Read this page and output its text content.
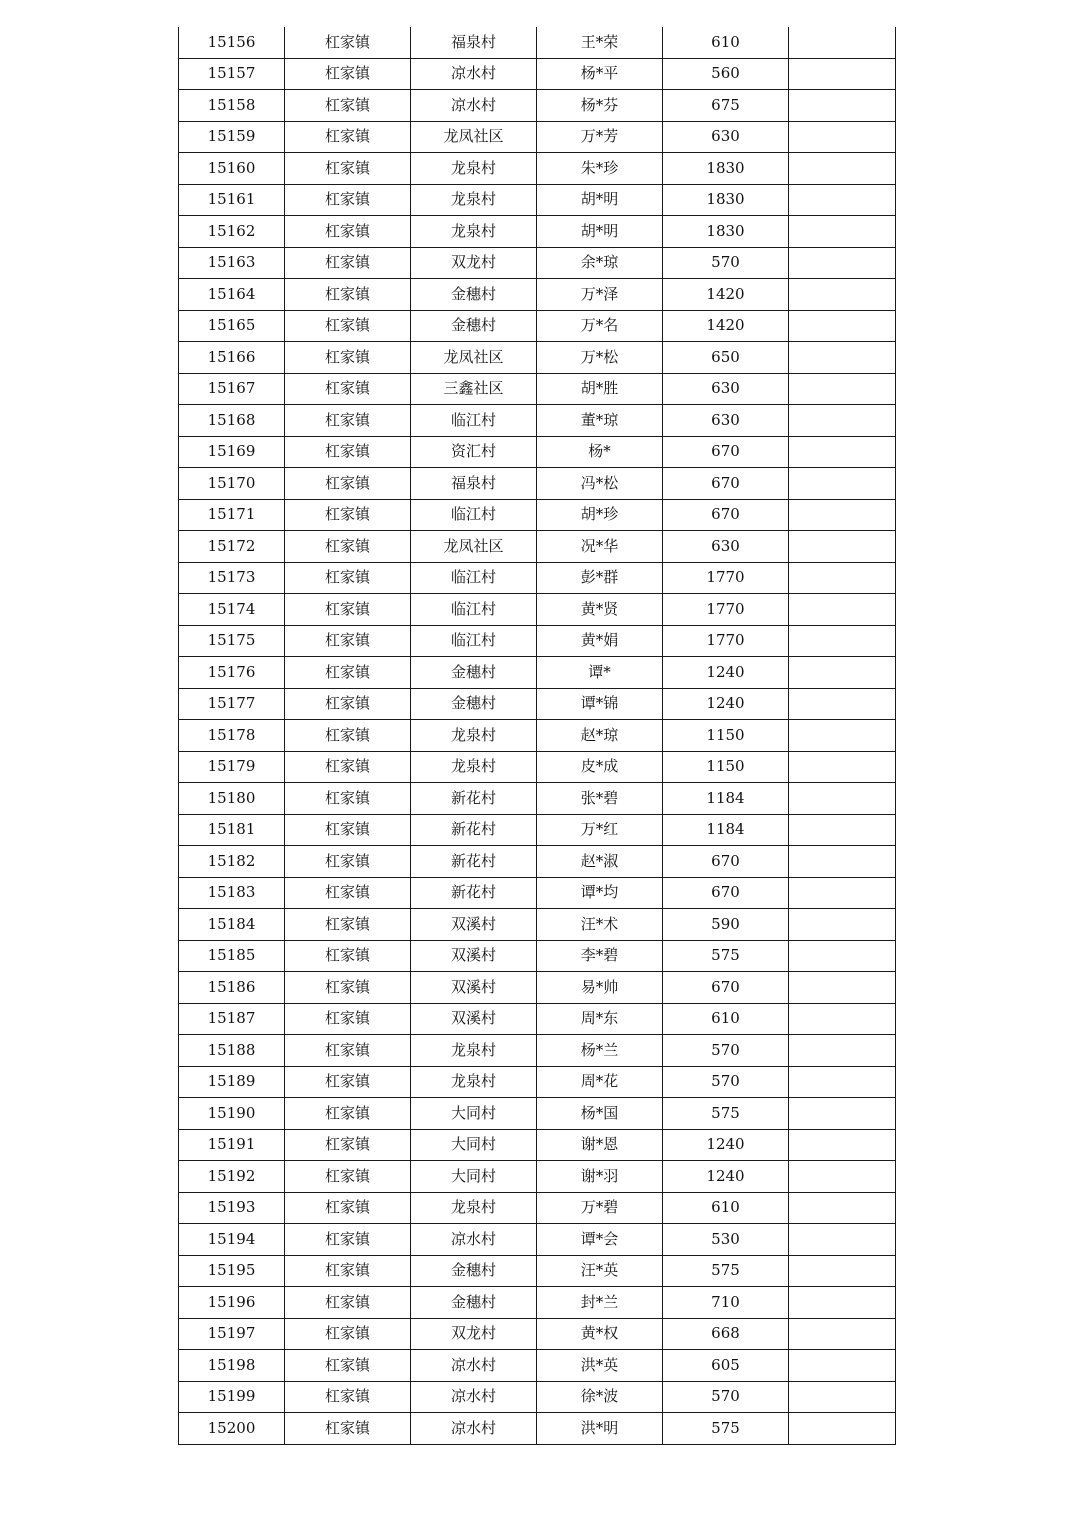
15156	杠家镇	福泉村	王*荣	610	
15157	杠家镇	凉水村	杨*平	560	
15158	杠家镇	凉水村	杨*芬	675	
15159	杠家镇	龙凤社区	万*芳	630	
15160	杠家镇	龙泉村	朱*珍	1830	
15161	杠家镇	龙泉村	胡*明	1830	
15162	杠家镇	龙泉村	胡*明	1830	
15163	杠家镇	双龙村	余*琼	570	
15164	杠家镇	金穗村	万*泽	1420	
15165	杠家镇	金穗村	万*名	1420	
15166	杠家镇	龙凤社区	万*松	650	
15167	杠家镇	三鑫社区	胡*胜	630	
15168	杠家镇	临江村	董*琼	630	
15169	杠家镇	资汇村	杨*	670	
15170	杠家镇	福泉村	冯*松	670	
15171	杠家镇	临江村	胡*珍	670	
15172	杠家镇	龙凤社区	况*华	630	
15173	杠家镇	临江村	彭*群	1770	
15174	杠家镇	临江村	黄*贤	1770	
15175	杠家镇	临江村	黄*娟	1770	
15176	杠家镇	金穗村	谭*	1240	
15177	杠家镇	金穗村	谭*锦	1240	
15178	杠家镇	龙泉村	赵*琼	1150	
15179	杠家镇	龙泉村	皮*成	1150	
15180	杠家镇	新花村	张*碧	1184	
15181	杠家镇	新花村	万*红	1184	
15182	杠家镇	新花村	赵*淑	670	
15183	杠家镇	新花村	谭*均	670	
15184	杠家镇	双溪村	汪*术	590	
15185	杠家镇	双溪村	李*碧	575	
15186	杠家镇	双溪村	易*帅	670	
15187	杠家镇	双溪村	周*东	610	
15188	杠家镇	龙泉村	杨*兰	570	
15189	杠家镇	龙泉村	周*花	570	
15190	杠家镇	大同村	杨*国	575	
15191	杠家镇	大同村	谢*恩	1240	
15192	杠家镇	大同村	谢*羽	1240	
15193	杠家镇	龙泉村	万*碧	610	
15194	杠家镇	凉水村	谭*会	530	
15195	杠家镇	金穗村	汪*英	575	
15196	杠家镇	金穗村	封*兰	710	
15197	杠家镇	双龙村	黄*权	668	
15198	杠家镇	凉水村	洪*英	605	
15199	杠家镇	凉水村	徐*波	570	
15200	杠家镇	凉水村	洪*明	575	
